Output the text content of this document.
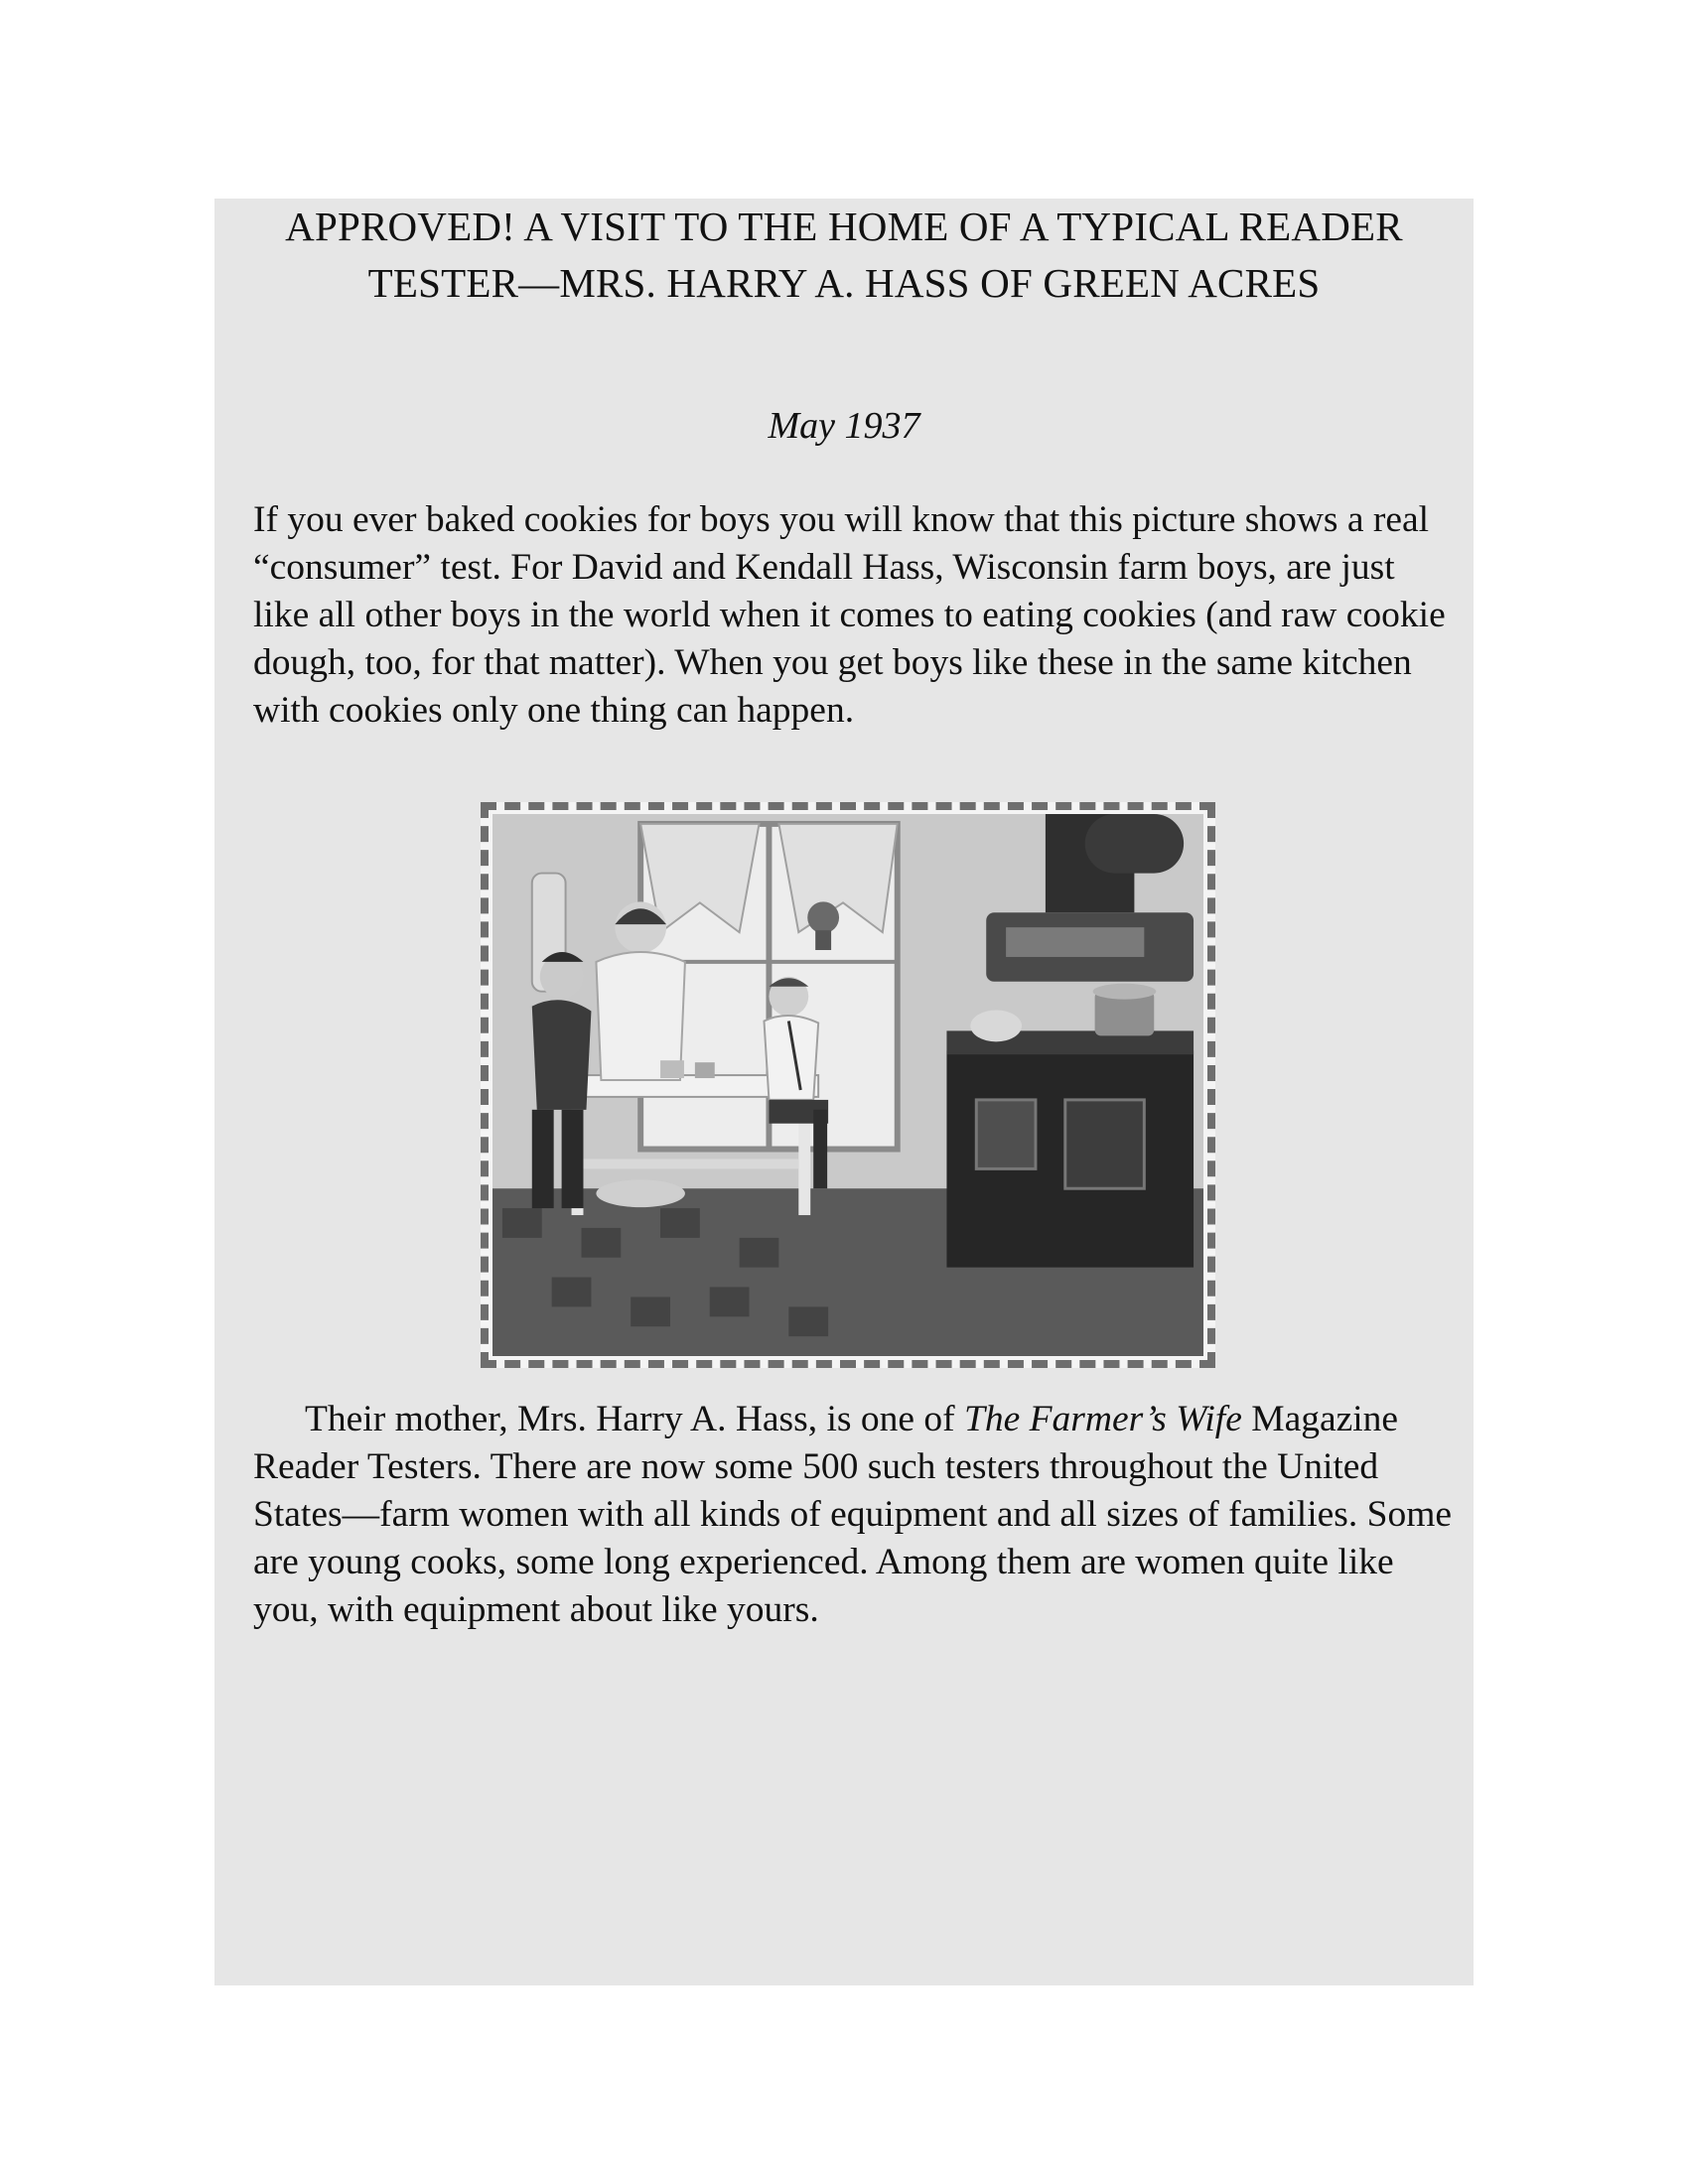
APPROVED! A VISIT TO THE HOME OF A TYPICAL READER TESTER—MRS. HARRY A. HASS OF GREEN ACRES

May 1937

If you ever baked cookies for boys you will know that this picture shows a real “consumer” test. For David and Kendall Hass, Wisconsin farm boys, are just like all other boys in the world when it comes to eating cookies (and raw cookie dough, too, for that matter). When you get boys like these in the same kitchen with cookies only one thing can happen.

Their mother, Mrs. Harry A. Hass, is one of The Farmer’s Wife Magazine Reader Testers. There are now some 500 such testers throughout the United States—farm women with all kinds of equipment and all sizes of families. Some are young cooks, some long experienced. Among them are women quite like you, with equipment about like yours.
